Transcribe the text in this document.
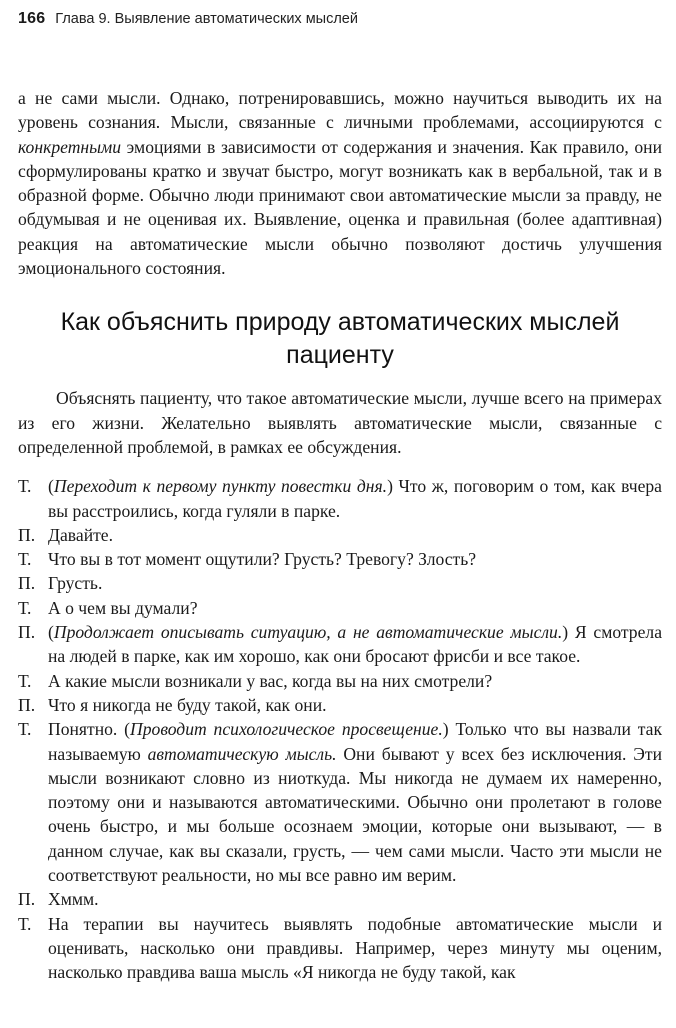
166 Глава 9. Выявление автоматических мыслей

а не сами мысли. Однако, потренировавшись, можно научиться выводить их на уровень сознания. Мысли, связанные с личными проблемами, ассоциируются с конкретными эмоциями в зависимости от содержания и значения. Как правило, они сформулированы кратко и звучат быстро, могут возникать как в вербальной, так и в образной форме. Обычно люди принимают свои автоматические мысли за правду, не обдумывая и не оценивая их. Выявление, оценка и правильная (более адаптивная) реакция на автоматические мысли обычно позволяют достичь улучшения эмоционального состояния.

Как объяснить природу автоматических мыслей
пациенту

Объяснять пациенту, что такое автоматические мысли, лучше всего на примерах из его жизни. Желательно выявлять автоматические мысли, связанные с определенной проблемой, в рамках ее обсуждения.

Т. (Переходит к первому пункту повестки дня.) Что ж, поговорим о том, как вчера вы расстроились, когда гуляли в парке.
П. Давайте.
Т. Что вы в тот момент ощутили? Грусть? Тревогу? Злость?
П. Грусть.
Т. А о чем вы думали?
П. (Продолжает описывать ситуацию, а не автоматические мысли.) Я смотрела на людей в парке, как им хорошо, как они бросают фрисби и все такое.
Т. А какие мысли возникали у вас, когда вы на них смотрели?
П. Что я никогда не буду такой, как они.
Т. Понятно. (Проводит психологическое просвещение.) Только что вы назвали так называемую автоматическую мысль. Они бывают у всех без исключения. Эти мысли возникают словно из ниоткуда. Мы никогда не думаем их намеренно, поэтому они и называются автоматическими. Обычно они пролетают в голове очень быстро, и мы больше осознаем эмоции, которые они вызывают, — в данном случае, как вы сказали, грусть, — чем сами мысли. Часто эти мысли не соответствуют реальности, но мы все равно им верим.
П. Хммм.
Т. На терапии вы научитесь выявлять подобные автоматические мысли и оценивать, насколько они правдивы. Например, через минуту мы оценим, насколько правдива ваша мысль «Я никогда не буду такой, как
